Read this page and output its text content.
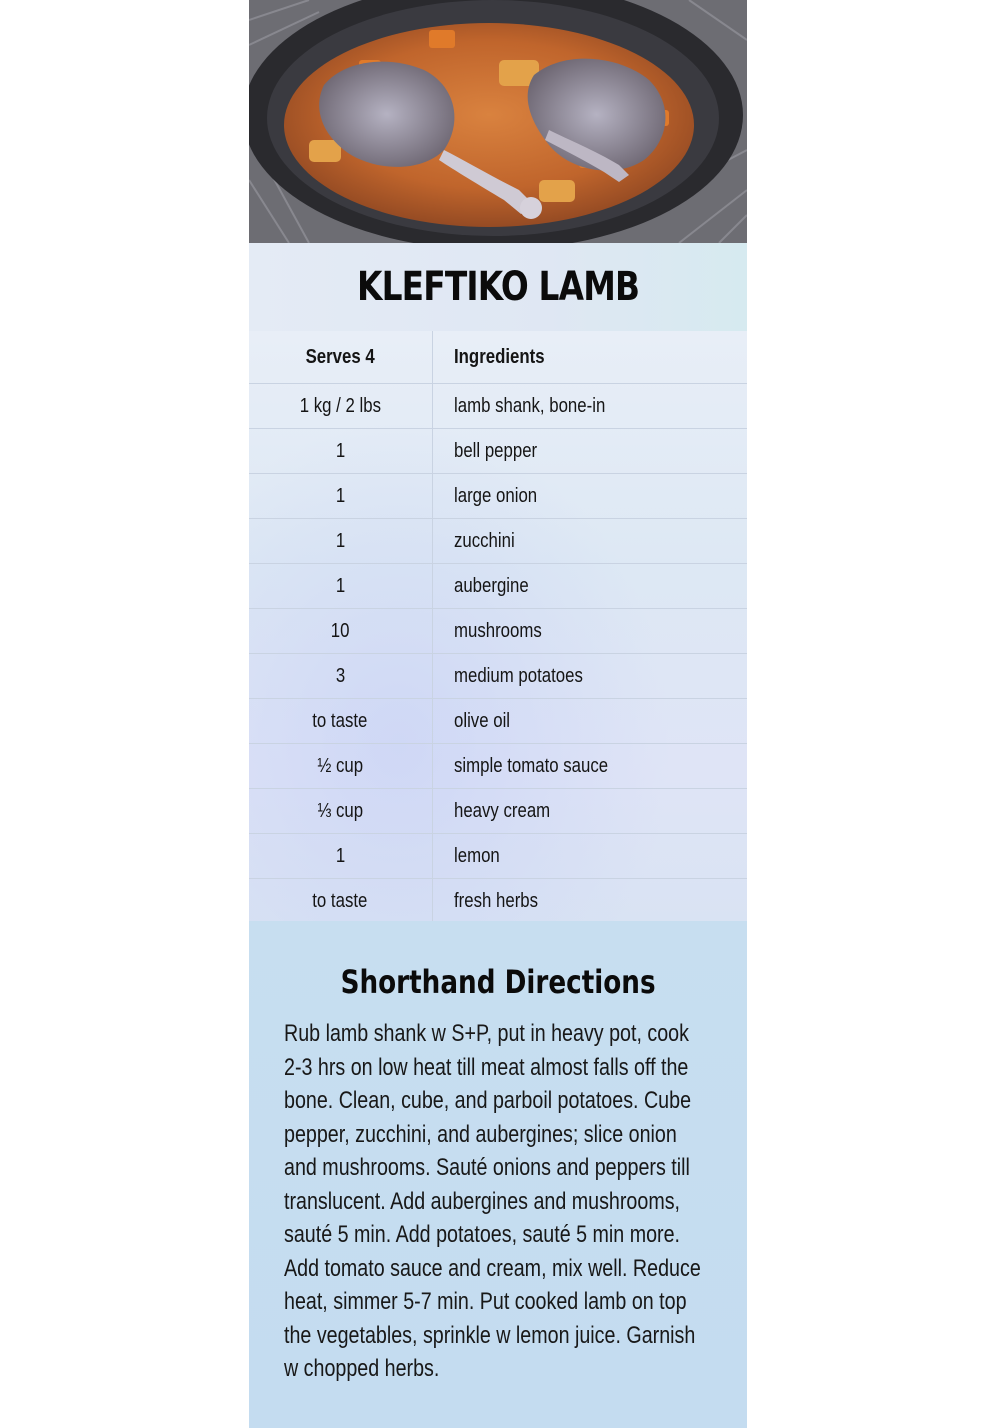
KLEFTIKO LAMB
Serves 4	Ingredients
1 kg / 2 lbs	lamb shank, bone-in
1	bell pepper
1	large onion
1	zucchini
1	aubergine
10	mushrooms
3	medium potatoes
to taste	olive oil
½ cup	simple tomato sauce
⅓ cup	heavy cream
1	lemon
to taste	fresh herbs
Shorthand Directions

Rub lamb shank w S+P, put in heavy pot, cook 2-3 hrs on low heat till meat almost falls off the bone. Clean, cube, and parboil potatoes. Cube pepper, zucchini, and aubergines; slice onion and mushrooms. Sauté onions and peppers till translucent. Add aubergines and mushrooms, sauté 5 min. Add potatoes, sauté 5 min more. Add tomato sauce and cream, mix well. Reduce heat, simmer 5-7 min. Put cooked lamb on top the vegetables, sprinkle w lemon juice. Garnish w chopped herbs.
